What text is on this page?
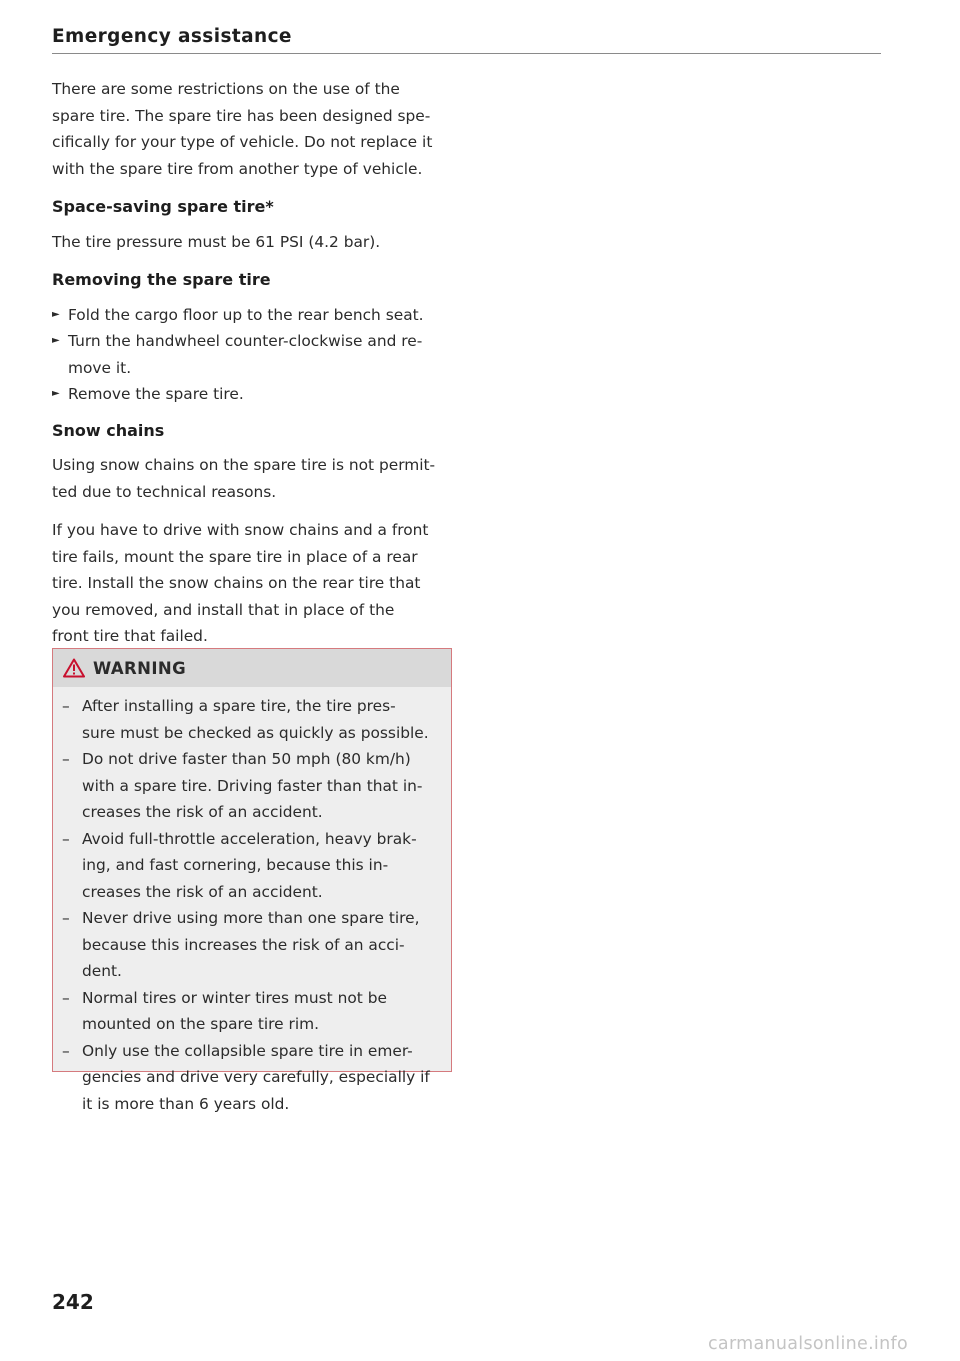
Emergency assistance
There are some restrictions on the use of the
spare tire. The spare tire has been designed spe-
cifically for your type of vehicle. Do not replace it
with the spare tire from another type of vehicle.
Space-saving spare tire*
The tire pressure must be 61 PSI (4.2 bar).
Removing the spare tire
► Fold the cargo floor up to the rear bench seat.
► Turn the handwheel counter-clockwise and re-
move it.
► Remove the spare tire.
Snow chains
Using snow chains on the spare tire is not permit-
ted due to technical reasons.
If you have to drive with snow chains and a front
tire fails, mount the spare tire in place of a rear
tire. Install the snow chains on the rear tire that
you removed, and install that in place of the
front tire that failed.
WARNING
– After installing a spare tire, the tire pres-
sure must be checked as quickly as possible.
– Do not drive faster than 50 mph (80 km/h)
with a spare tire. Driving faster than that in-
creases the risk of an accident.
– Avoid full-throttle acceleration, heavy brak-
ing, and fast cornering, because this in-
creases the risk of an accident.
– Never drive using more than one spare tire,
because this increases the risk of an acci-
dent.
– Normal tires or winter tires must not be
mounted on the spare tire rim.
– Only use the collapsible spare tire in emer-
gencies and drive very carefully, especially if
it is more than 6 years old.
242
carmanualsonline.info
